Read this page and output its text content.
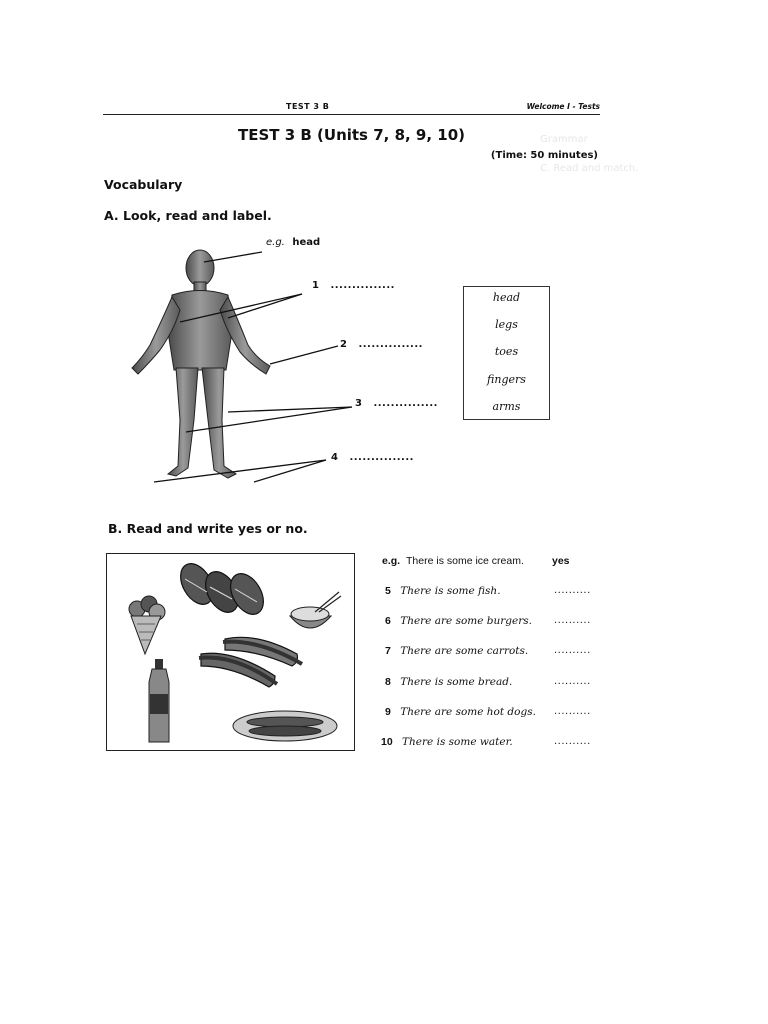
Grammar
C. Read and match.
TEST 3 B	Welcome I - Tests
TEST 3 B (Units 7, 8, 9, 10)
(Time: 50 minutes)
Vocabulary
A. Look, read and label.
e.g. head
1 ...............
2 ...............
3 ...............
4 ...............
head
legs
toes
fingers
arms
B. Read and write yes or no.
e.g. There is some ice cream.	yes
5 There is some fish.	..........
6 There are some burgers. ..........
7 There are some carrots.	..........
8 There is some bread.	..........
9 There are some hot dogs. ..........
10 There is some water.	..........
